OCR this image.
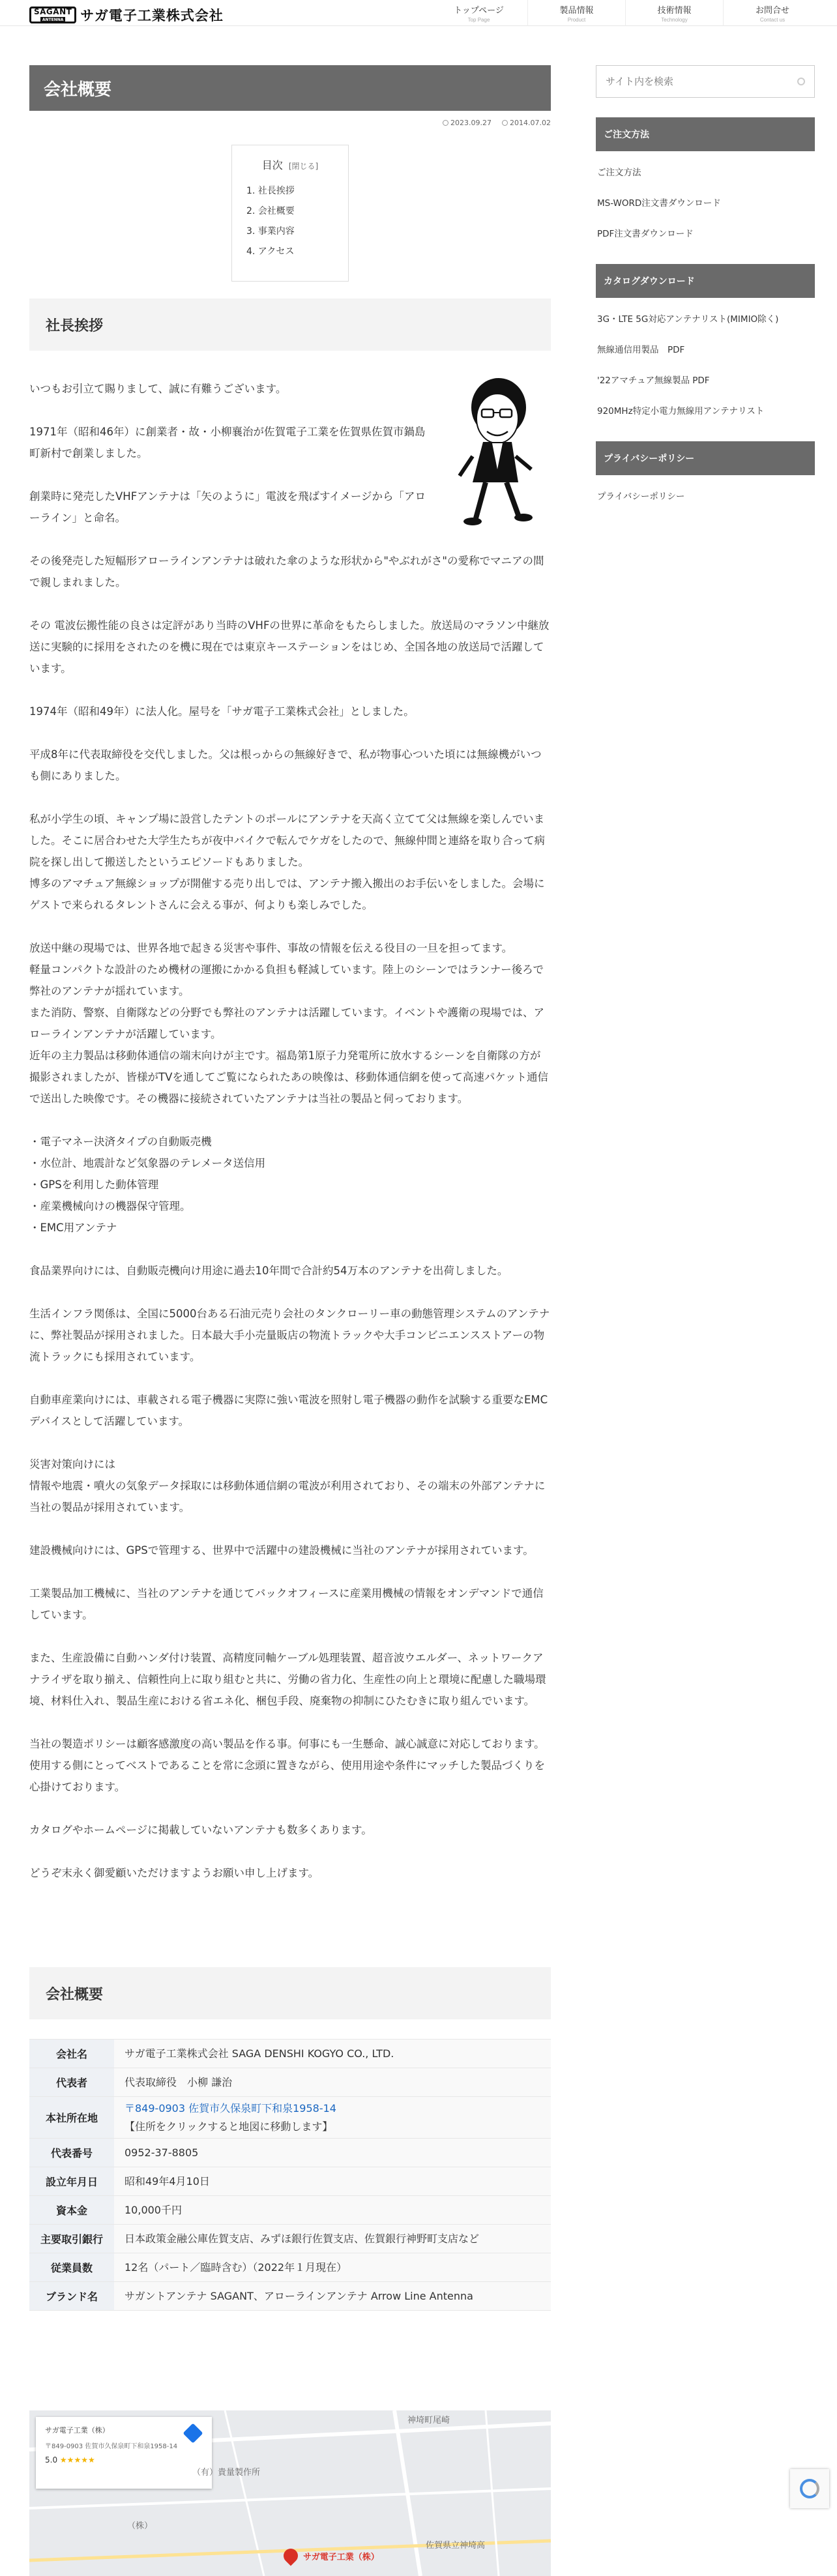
SAGANT
ANTENNA サガ電子工業株式会社	トップページ
Top Page
製品情報
Product
技術情報
Technology
お問合せ
Contact us
会社概要
2023.09.27	2014.07.02
目次 [閉じる]
1. 社長挨拶
2. 会社概要
3. 事業内容
4. アクセス
社長挨拶

いつもお引立て賜りまして、誠に有難うございます。

1971年（昭和46年）に創業者・故・小柳襄治が佐賀電子工業を佐賀県佐賀市鍋島町新村で創業しました。

創業時に発売したVHFアンテナは「矢のように」電波を飛ばすイメージから「アローライン」と命名。

その後発売した短幅形アローラインアンテナは破れた傘のような形状から"やぶれがさ"の愛称でマニアの間で親しまれました。

その 電波伝搬性能の良さは定評があり当時のVHFの世界に革命をもたらしました。放送局のマラソン中継放送に実験的に採用をされたのを機に現在では東京キーステーションをはじめ、全国各地の放送局で活躍しています。

1974年（昭和49年）に法人化。屋号を「サガ電子工業株式会社」としました。

平成8年に代表取締役を交代しました。父は根っからの無線好きで、私が物事心ついた頃には無線機がいつも側にありました。

私が小学生の頃、キャンプ場に設営したテントのポールにアンテナを天高く立てて父は無線を楽しんでいました。そこに居合わせた大学生たちが夜中バイクで転んでケガをしたので、無線仲間と連絡を取り合って病院を探し出して搬送したというエピソードもありました。
博多のアマチュア無線ショップが開催する売り出しでは、アンテナ搬入搬出のお手伝いをしました。会場にゲストで来られるタレントさんに会える事が、何よりも楽しみでした。

放送中継の現場では、世界各地で起きる災害や事件、事故の情報を伝える役目の一旦を担ってます。
軽量コンパクトな設計のため機材の運搬にかかる負担も軽減しています。陸上のシーンではランナー後ろで弊社のアンテナが揺れています。
また消防、警察、自衛隊などの分野でも弊社のアンテナは活躍しています。イベントや護衛の現場では、アローラインアンテナが活躍しています。
近年の主力製品は移動体通信の端末向けが主です。福島第1原子力発電所に放水するシーンを自衛隊の方が撮影されましたが、皆様がTVを通してご覧になられたあの映像は、移動体通信網を使って高速パケット通信で送出した映像です。その機器に接続されていたアンテナは当社の製品と伺っております。

・電子マネー決済タイプの自動販売機
・水位計、地震計など気象器のテレメータ送信用
・GPSを利用した動体管理
・産業機械向けの機器保守管理。
・EMC用アンテナ

食品業界向けには、自動販売機向け用途に過去10年間で合計約54万本のアンテナを出荷しました。

生活インフラ関係は、全国に5000台ある石油元売り会社のタンクローリー車の動態管理システムのアンテナに、弊社製品が採用されました。日本最大手小売量販店の物流トラックや大手コンビニエンスストアーの物流トラックにも採用されています。

自動車産業向けには、車載される電子機器に実際に強い電波を照射し電子機器の動作を試験する重要なEMCデバイスとして活躍しています。

災害対策向けには
情報や地震・噴火の気象データ採取には移動体通信網の電波が利用されており、その端末の外部アンテナに当社の製品が採用されています。

建設機械向けには、GPSで管理する、世界中で活躍中の建設機械に当社のアンテナが採用されています。

工業製品加工機械に、当社のアンテナを通じてバックオフィースに産業用機械の情報をオンデマンドで通信しています。

また、生産設備に自動ハンダ付け装置、高精度同軸ケーブル処理装置、超音波ウエルダー、ネットワークアナライザを取り揃え、信頼性向上に取り組むと共に、労働の省力化、生産性の向上と環境に配慮した職場環境、材料仕入れ、製品生産における省エネ化、梱包手段、廃棄物の抑制にひたむきに取り組んでいます。

当社の製造ポリシーは顧客感激度の高い製品を作る事。何事にも一生懸命、誠心誠意に対応しております。使用する側にとってベストであることを常に念頭に置きながら、使用用途や条件にマッチした製品づくりを心掛けております。

カタログやホームページに掲載していないアンテナも数多くあります。

どうぞ末永く御愛顧いただけますようお願い申し上げます。

会社概要
会社名	サガ電子工業株式会社 SAGA DENSHI KOGYO CO., LTD.
代表者	代表取締役　小柳 謙治
本社所在地	〒849-0903 佐賀市久保泉町下和泉1958-14
【住所をクリックすると地図に移動します】
代表番号	0952-37-8805
設立年月日	昭和49年4月10日
資本金	10,000千円
主要取引銀行	日本政策金融公庫佐賀支店、みずほ銀行佐賀支店、佐賀銀行神野町支店など
従業員数	12名（パート／臨時含む）（2022年１月現在）
ブランド名	サガントアンテナ SAGANT、アローラインアンテナ Arrow Line Antenna
サガ電子工業（株）
〒849-0903 佐賀市久保泉町下和泉1958-14
5.0 ★★★★★
神埼町尾崎
（有）貴量製作所
佐賀県立神埼高
（株）
サガ電子工業（株）
サイト内を検索
ご注文方法
ご注文方法
MS-WORD注文書ダウンロード
PDF注文書ダウンロード
カタログダウンロード
3G・LTE 5G対応アンテナリスト(MIMIO除く)
無線通信用製品　PDF
'22アマチュア無線製品 PDF
920MHz特定小電力無線用アンテナリスト
プライバシーポリシー
プライバシーポリシー
